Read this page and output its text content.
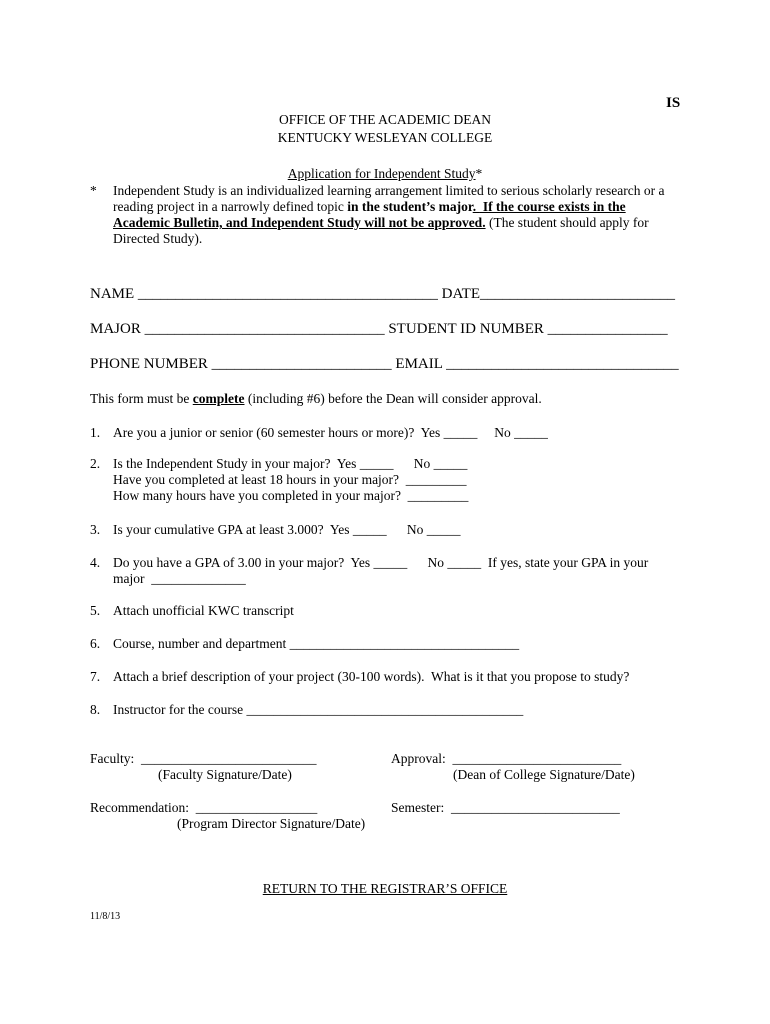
IS
OFFICE OF THE ACADEMIC DEAN
KENTUCKY WESLEYAN COLLEGE
Application for Independent Study*
* Independent Study is an individualized learning arrangement limited to serious scholarly research or a
reading project in a narrowly defined topic in the student’s major.  If the course exists in the
Academic Bulletin, and Independent Study will not be approved. (The student should apply for
Directed Study).
NAME ________________________________________ DATE__________________________
MAJOR ________________________________ STUDENT ID NUMBER ________________
PHONE NUMBER ________________________ EMAIL _______________________________
This form must be complete (including #6) before the Dean will consider approval.
1. Are you a junior or senior (60 semester hours or more)?  Yes _____     No _____
2. Is the Independent Study in your major?  Yes _____      No _____
Have you completed at least 18 hours in your major?  _________
How many hours have you completed in your major?  _________
3. Is your cumulative GPA at least 3.000?  Yes _____      No _____
4. Do you have a GPA of 3.00 in your major?  Yes _____      No _____  If yes, state your GPA in your
major  ______________
5. Attach unofficial KWC transcript
6. Course, number and department __________________________________
7. Attach a brief description of your project (30-100 words).  What is it that you propose to study?
8. Instructor for the course _________________________________________
Faculty:  __________________________
(Faculty Signature/Date)
Approval:  _________________________
(Dean of College Signature/Date)
Recommendation:  __________________
(Program Director Signature/Date)
Semester:  _________________________
RETURN TO THE REGISTRAR’S OFFICE
11/8/13
